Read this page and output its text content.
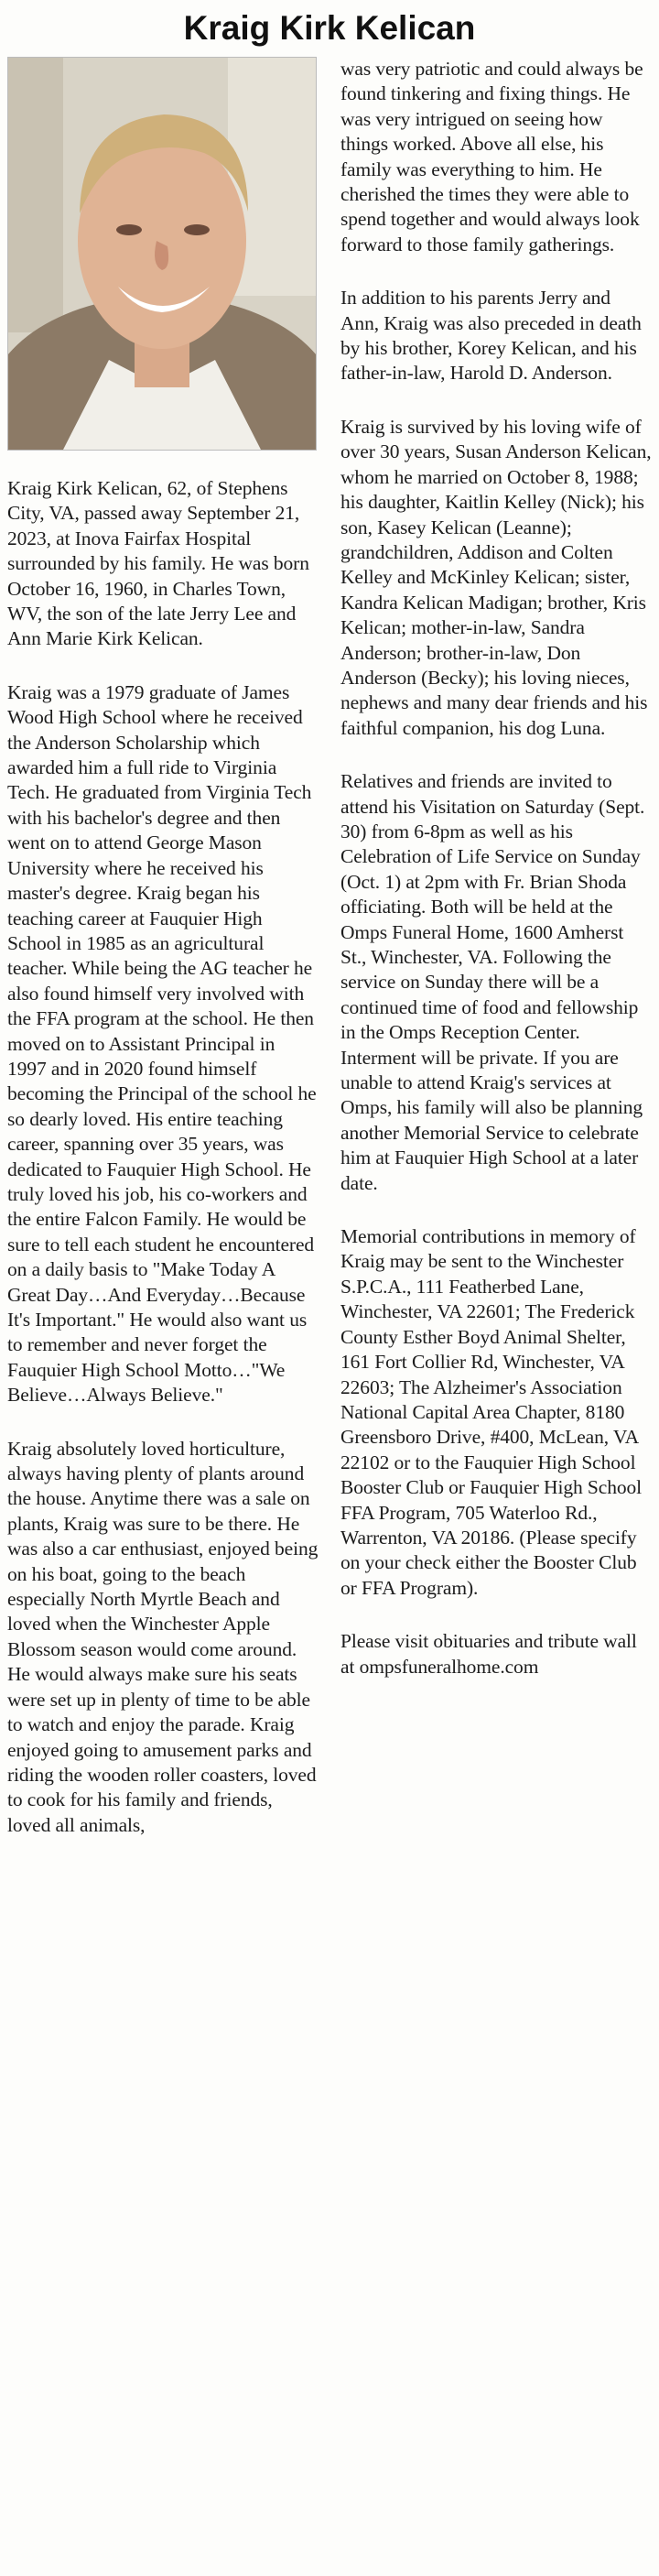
Kraig Kirk Kelican

Kraig Kirk Kelican, 62, of Stephens City, VA, passed away September 21, 2023, at Inova Fairfax Hospital surrounded by his family. He was born October 16, 1960, in Charles Town, WV, the son of the late Jerry Lee and Ann Marie Kirk Kelican.

Kraig was a 1979 graduate of James Wood High School where he received the Anderson Scholarship which awarded him a full ride to Virginia Tech. He graduated from Virginia Tech with his bachelor's degree and then went on to attend George Mason University where he received his master's degree. Kraig began his teaching career at Fauquier High School in 1985 as an agricultural teacher. While being the AG teacher he also found himself very involved with the FFA program at the school. He then moved on to Assistant Principal in 1997 and in 2020 found himself becoming the Principal of the school he so dearly loved. His entire teaching career, spanning over 35 years, was dedicated to Fauquier High School. He truly loved his job, his co-workers and the entire Falcon Family. He would be sure to tell each student he encountered on a daily basis to "Make Today A Great Day…And Everyday…Because It's Important." He would also want us to remember and never forget the Fauquier High School Motto…"We Believe…Always Believe."

Kraig absolutely loved horticulture, always having plenty of plants around the house. Anytime there was a sale on plants, Kraig was sure to be there. He was also a car enthusiast, enjoyed being on his boat, going to the beach especially North Myrtle Beach and loved when the Winchester Apple Blossom season would come around. He would always make sure his seats were set up in plenty of time to be able to watch and enjoy the parade. Kraig enjoyed going to amusement parks and riding the wooden roller coasters, loved to cook for his family and friends, loved all animals,

was very patriotic and could always be found tinkering and fixing things. He was very intrigued on seeing how things worked. Above all else, his family was everything to him. He cherished the times they were able to spend together and would always look forward to those family gatherings.

In addition to his parents Jerry and Ann, Kraig was also preceded in death by his brother, Korey Kelican, and his father-in-law, Harold D. Anderson.

Kraig is survived by his loving wife of over 30 years, Susan Anderson Kelican, whom he married on October 8, 1988; his daughter, Kaitlin Kelley (Nick); his son, Kasey Kelican (Leanne); grandchildren, Addison and Colten Kelley and McKinley Kelican; sister, Kandra Kelican Madigan; brother, Kris Kelican; mother-in-law, Sandra Anderson; brother-in-law, Don Anderson (Becky); his loving nieces, nephews and many dear friends and his faithful companion, his dog Luna.

Relatives and friends are invited to attend his Visitation on Saturday (Sept. 30) from 6-8pm as well as his Celebration of Life Service on Sunday (Oct. 1) at 2pm with Fr. Brian Shoda officiating. Both will be held at the Omps Funeral Home, 1600 Amherst St., Winchester, VA. Following the service on Sunday there will be a continued time of food and fellowship in the Omps Reception Center. Interment will be private. If you are unable to attend Kraig's services at Omps, his family will also be planning another Memorial Service to celebrate him at Fauquier High School at a later date.

Memorial contributions in memory of Kraig may be sent to the Winchester S.P.C.A., 111 Featherbed Lane, Winchester, VA 22601; The Frederick County Esther Boyd Animal Shelter, 161 Fort Collier Rd, Winchester, VA 22603; The Alzheimer's Association National Capital Area Chapter, 8180 Greensboro Drive, #400, McLean, VA 22102 or to the Fauquier High School Booster Club or Fauquier High School FFA Program, 705 Waterloo Rd., Warrenton, VA 20186. (Please specify on your check either the Booster Club or FFA Program).

Please visit obituaries and tribute wall at ompsfuneralhome.com
